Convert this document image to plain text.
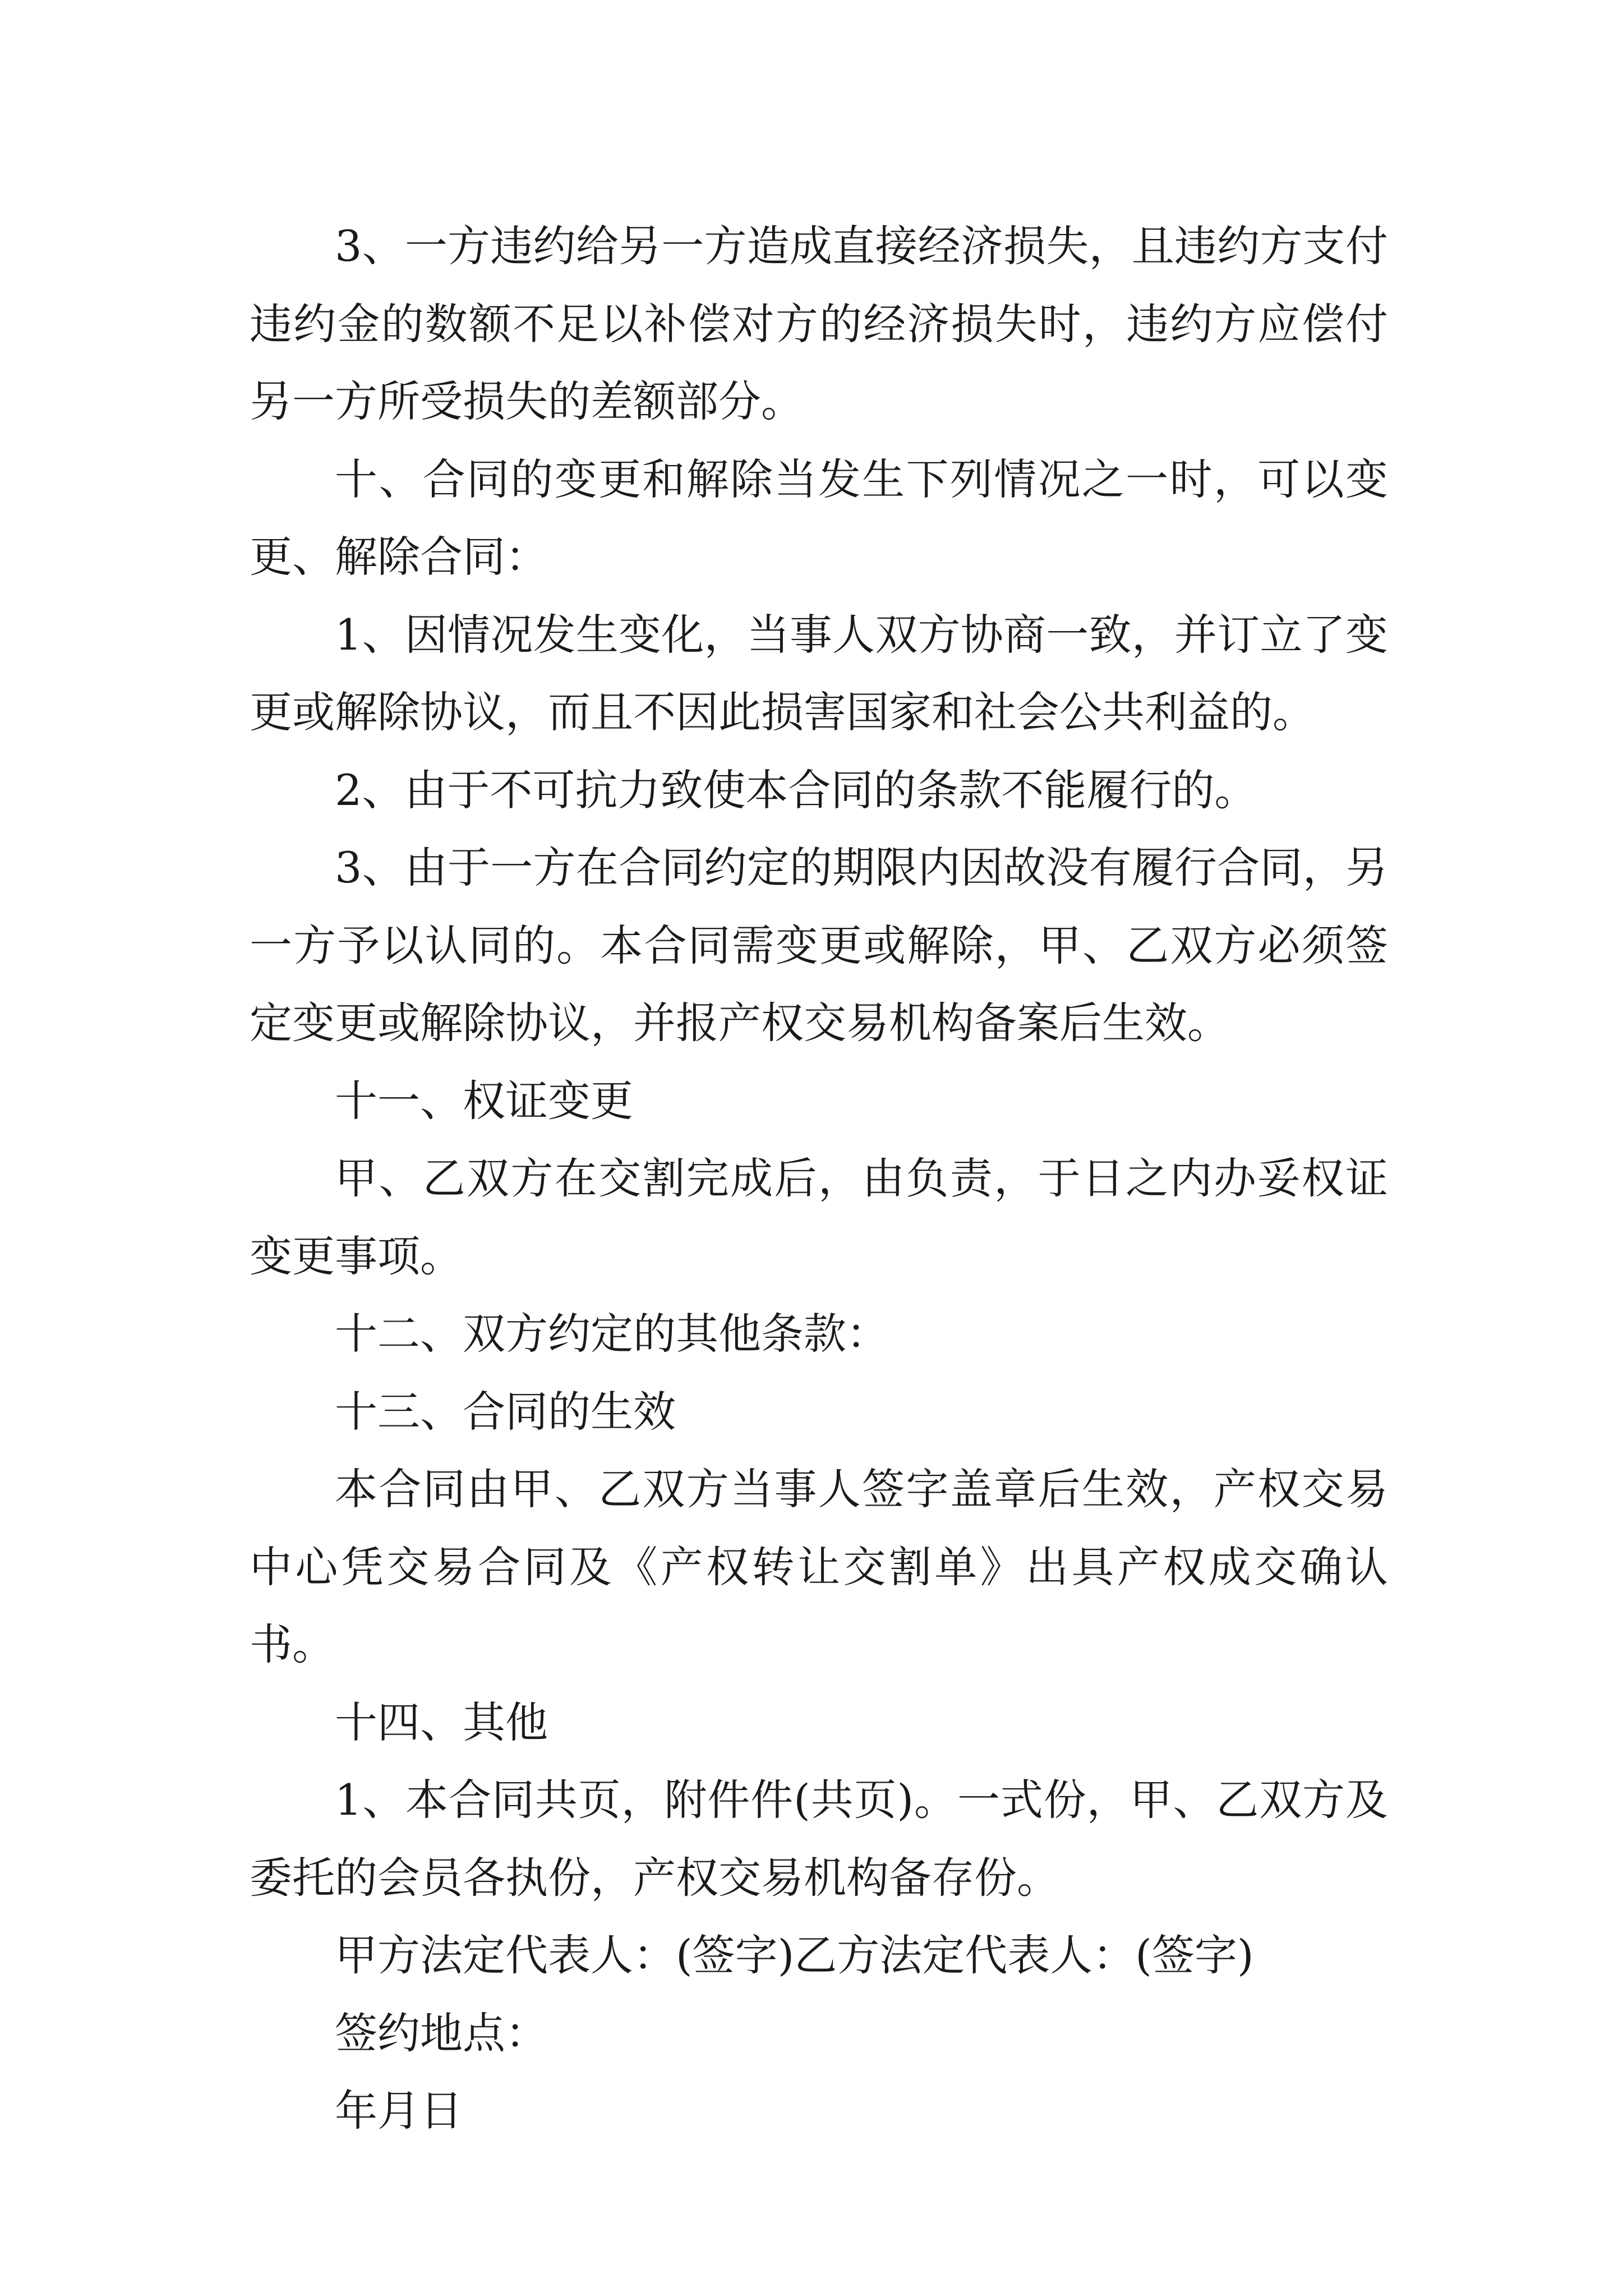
3、一方违约给另一方造成直接经济损失，且违约方支付违约金的数额不足以补偿对方的经济损失时，违约方应偿付另一方所受损失的差额部分。

十、合同的变更和解除当发生下列情况之一时，可以变更、解除合同：

1、因情况发生变化，当事人双方协商一致，并订立了变更或解除协议，而且不因此损害国家和社会公共利益的。

2、由于不可抗力致使本合同的条款不能履行的。

3、由于一方在合同约定的期限内因故没有履行合同，另一方予以认同的。本合同需变更或解除，甲、乙双方必须签定变更或解除协议，并报产权交易机构备案后生效。

十一、权证变更

甲、乙双方在交割完成后，由负责，于日之内办妥权证变更事项。

十二、双方约定的其他条款：

十三、合同的生效

本合同由甲、乙双方当事人签字盖章后生效，产权交易中心凭交易合同及《产权转让交割单》出具产权成交确认书。

十四、其他

1、本合同共页，附件件(共页)。一式份，甲、乙双方及委托的会员各执份，产权交易机构备存份。

甲方法定代表人：(签字)乙方法定代表人：(签字)

签约地点：

年月日
